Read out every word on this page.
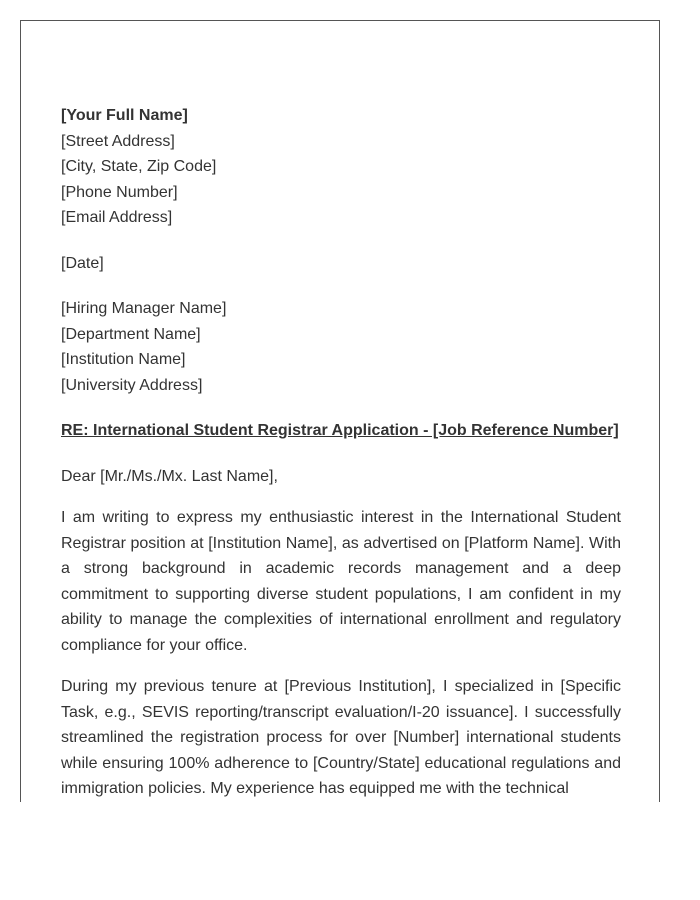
[Your Full Name]
[Street Address]
[City, State, Zip Code]
[Phone Number]
[Email Address]
[Date]
[Hiring Manager Name]
[Department Name]
[Institution Name]
[University Address]
RE: International Student Registrar Application - [Job Reference Number]
Dear [Mr./Ms./Mx. Last Name],

I am writing to express my enthusiastic interest in the International Student Registrar position at [Institution Name], as advertised on [Platform Name]. With a strong background in academic records management and a deep commitment to supporting diverse student populations, I am confident in my ability to manage the complexities of international enrollment and regulatory compliance for your office.

During my previous tenure at [Previous Institution], I specialized in [Specific Task, e.g., SEVIS reporting/transcript evaluation/I-20 issuance]. I successfully streamlined the registration process for over [Number] international students while ensuring 100% adherence to [Country/State] educational regulations and immigration policies. My experience has equipped me with the technical
